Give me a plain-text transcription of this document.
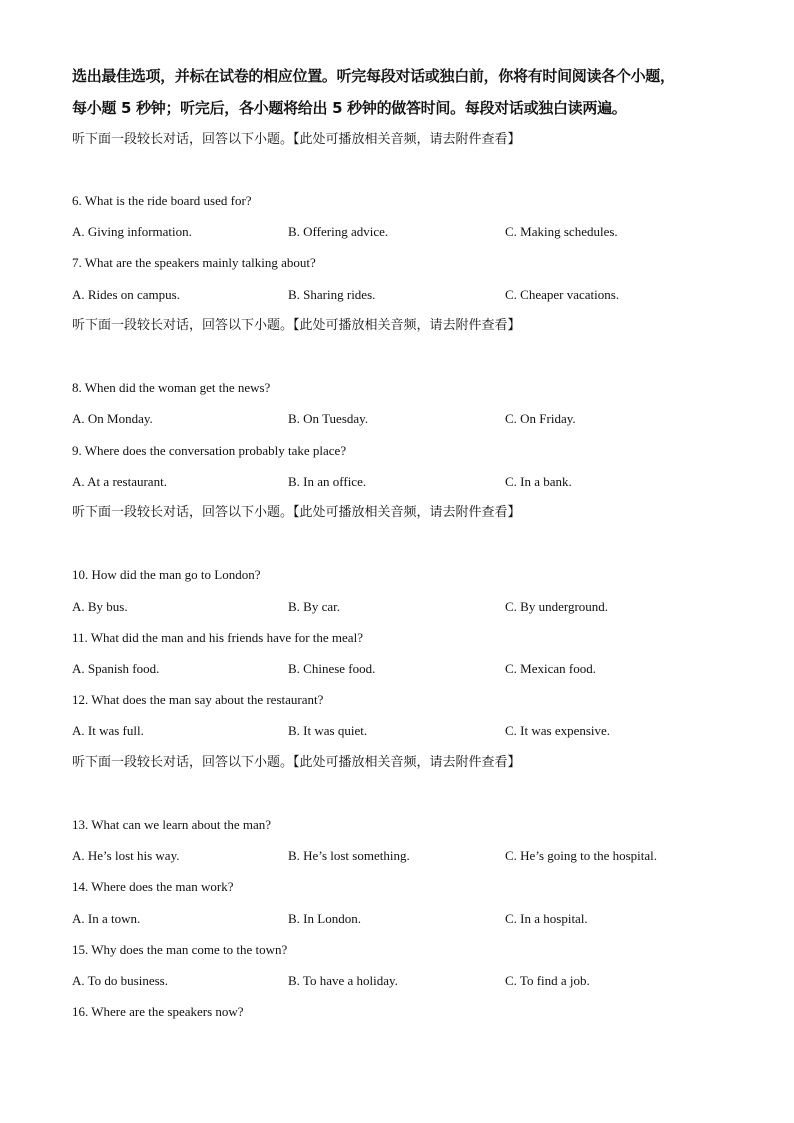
选出最佳选项，并标在试卷的相应位置。听完每段对话或独白前，你将有时间阅读各个小题，
每小题 5 秒钟；听完后，各小题将给出 5 秒钟的做答时间。每段对话或独白读两遍。
听下面一段较长对话，回答以下小题。【此处可播放相关音频，请去附件查看】
6. What is the ride board used for?
A. Giving information.	B. Offering advice.	C. Making schedules.
7. What are the speakers mainly talking about?
A. Rides on campus.	B. Sharing rides.	C. Cheaper vacations.
听下面一段较长对话，回答以下小题。【此处可播放相关音频，请去附件查看】
8. When did the woman get the news?
A. On Monday.	B. On Tuesday.	C. On Friday.
9. Where does the conversation probably take place?
A. At a restaurant.	B. In an office.	C. In a bank.
听下面一段较长对话，回答以下小题。【此处可播放相关音频，请去附件查看】
10. How did the man go to London?
A. By bus.	B. By car.	C. By underground.
11. What did the man and his friends have for the meal?
A. Spanish food.	B. Chinese food.	C. Mexican food.
12. What does the man say about the restaurant?
A. It was full.	B. It was quiet.	C. It was expensive.
听下面一段较长对话，回答以下小题。【此处可播放相关音频，请去附件查看】
13. What can we learn about the man?
A. He’s lost his way.	B. He’s lost something.	C. He’s going to the hospital.
14. Where does the man work?
A. In a town.	B. In London.	C. In a hospital.
15. Why does the man come to the town?
A. To do business.	B. To have a holiday.	C. To find a job.
16. Where are the speakers now?
